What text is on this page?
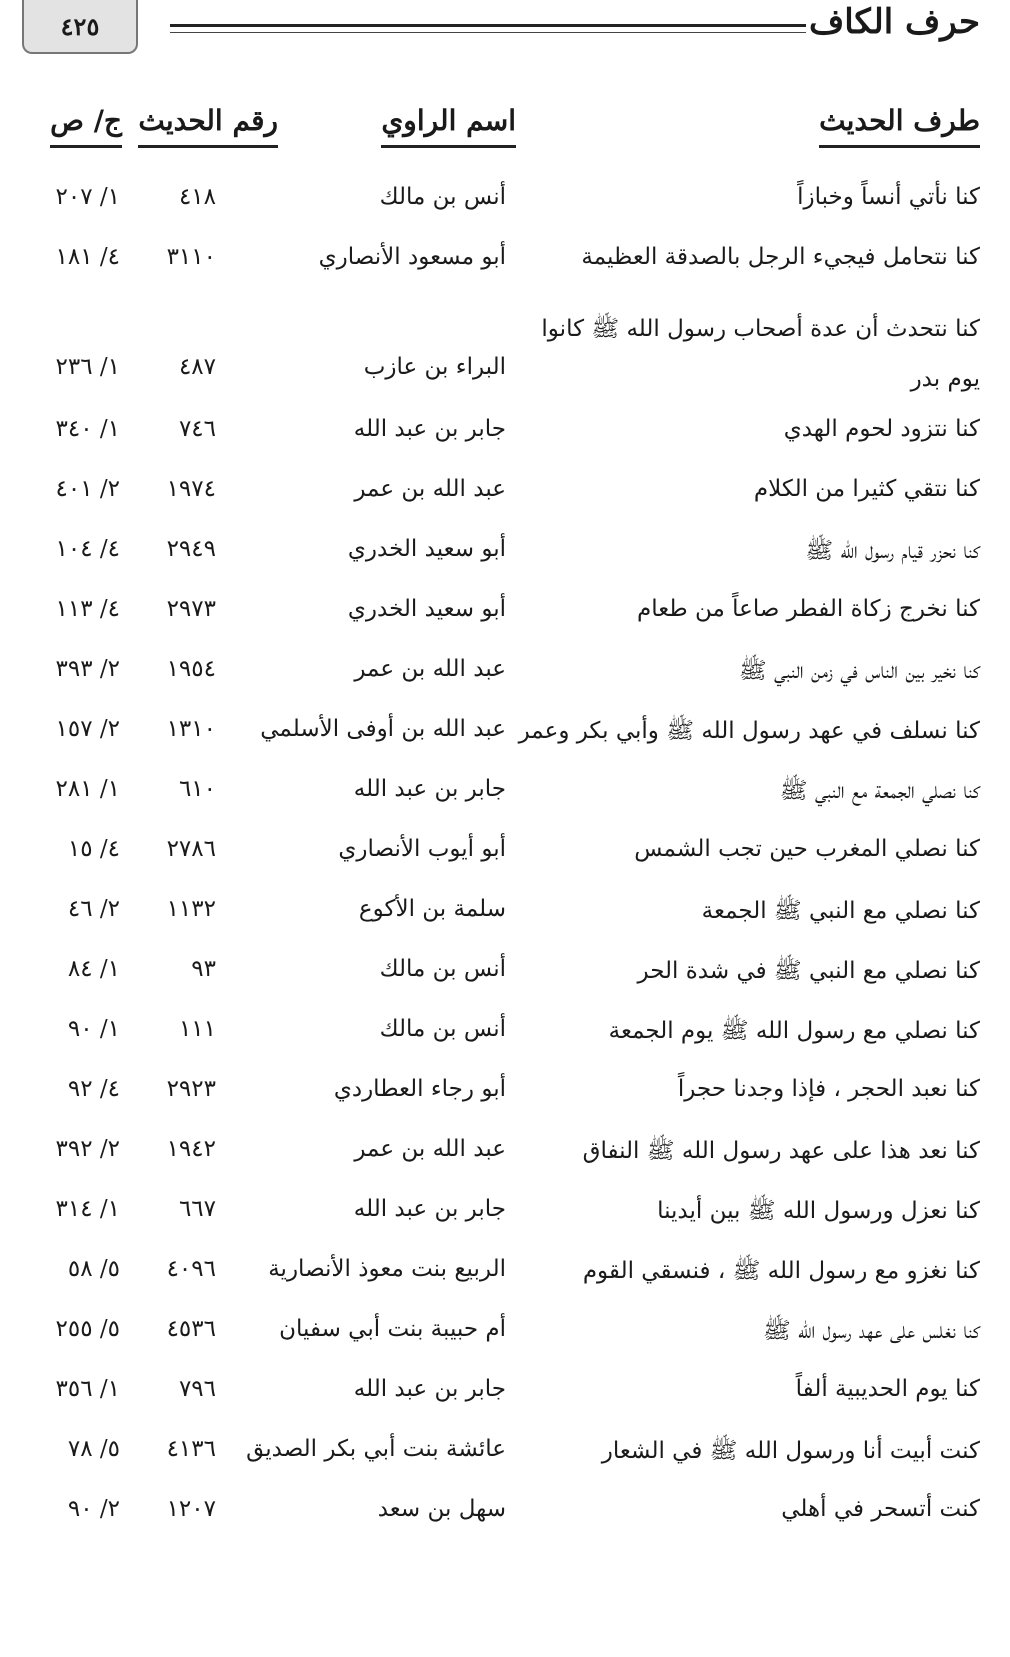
٤٢٥	حرف الكاف
طرف الحديث
اسم الراوي
رقم الحديث
ج/ ص
كنا نأتي أنساً وخبازاً
أنس بن مالك
٤١٨
١/ ٢٠٧
كنا نتحامل فيجيء الرجل بالصدقة العظيمة
أبو مسعود الأنصاري
٣١١٠
٤/ ١٨١
كنا نتحدث أن عدة أصحاب رسول الله ﷺ كانوا يوم بدر
البراء بن عازب
٤٨٧
١/ ٢٣٦
كنا نتزود لحوم الهدي
جابر بن عبد الله
٧٤٦
١/ ٣٤٠
كنا نتقي كثيرا من الكلام
عبد الله بن عمر
١٩٧٤
٢/ ٤٠١
كنا نحزر قيام رسول الله ﷺ
أبو سعيد الخدري
٢٩٤٩
٤/ ١٠٤
كنا نخرج زكاة الفطر صاعاً من طعام
أبو سعيد الخدري
٢٩٧٣
٤/ ١١٣
كنا نخير بين الناس في زمن النبي ﷺ
عبد الله بن عمر
١٩٥٤
٢/ ٣٩٣
كنا نسلف في عهد رسول الله ﷺ وأبي بكر وعمر
عبد الله بن أوفى الأسلمي
١٣١٠
٢/ ١٥٧
كنا نصلي الجمعة مع النبي ﷺ
جابر بن عبد الله
٦١٠
١/ ٢٨١
كنا نصلي المغرب حين تجب الشمس
أبو أيوب الأنصاري
٢٧٨٦
٤/ ١٥
كنا نصلي مع النبي ﷺ الجمعة
سلمة بن الأكوع
١١٣٢
٢/ ٤٦
كنا نصلي مع النبي ﷺ في شدة الحر
أنس بن مالك
٩٣
١/ ٨٤
كنا نصلي مع رسول الله ﷺ يوم الجمعة
أنس بن مالك
١١١
١/ ٩٠
كنا نعبد الحجر ، فإذا وجدنا حجراً
أبو رجاء العطاردي
٢٩٢٣
٤/ ٩٢
كنا نعد هذا على عهد رسول الله ﷺ النفاق
عبد الله بن عمر
١٩٤٢
٢/ ٣٩٢
كنا نعزل ورسول الله ﷺ بين أيدينا
جابر بن عبد الله
٦٦٧
١/ ٣١٤
كنا نغزو مع رسول الله ﷺ ، فنسقي القوم
الربيع بنت معوذ الأنصارية
٤٠٩٦
٥/ ٥٨
كنا نغلس على عهد رسول الله ﷺ
أم حبيبة بنت أبي سفيان
٤٥٣٦
٥/ ٢٥٥
كنا يوم الحديبية ألفاً
جابر بن عبد الله
٧٩٦
١/ ٣٥٦
كنت أبيت أنا ورسول الله ﷺ في الشعار
عائشة بنت أبي بكر الصديق
٤١٣٦
٥/ ٧٨
كنت أتسحر في أهلي
سهل بن سعد
١٢٠٧
٢/ ٩٠
